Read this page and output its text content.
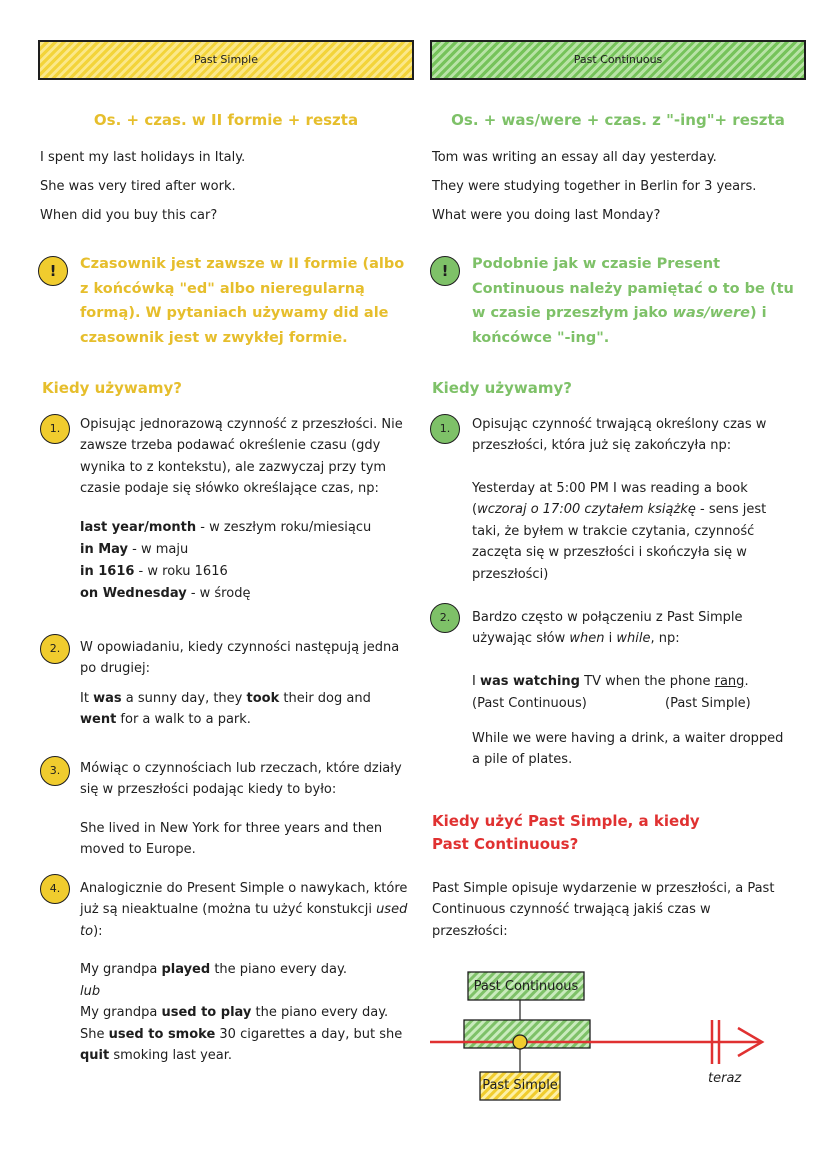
Past Simple
Os. + czas. w II formie + reszta
I spent my last holidays in Italy.
She was very tired after work.
When did you buy this car?
! Czasownik jest zawsze w II formie (albo z końcówką "ed" albo nieregularną formą). W pytaniach używamy did ale czasownik jest w zwykłej formie.
Kiedy używamy?
1. Opisując jednorazową czynność z przeszłości. Nie zawsze trzeba podawać określenie czasu (gdy wynika to z kontekstu), ale zazwyczaj przy tym czasie podaje się słówko określające czas, np:
last year/month - w zeszłym roku/miesiącu
in May - w maju
in 1616 - w roku 1616
on Wednesday - w środę
2. W opowiadaniu, kiedy czynności następują jedna po drugiej:
It was a sunny day, they took their dog and went for a walk to a park.
3. Mówiąc o czynnościach lub rzeczach, które działy się w przeszłości podając kiedy to było:
She lived in New York for three years and then moved to Europe.
4. Analogicznie do Present Simple o nawykach, które już są nieaktualne (można tu użyć konstukcji used to):
My grandpa played the piano every day.
lub
My grandpa used to play the piano every day.
She used to smoke 30 cigarettes a day, but she
quit smoking last year.
Past Continuous
Os. + was/were + czas. z "-ing"+ reszta
Tom was writing an essay all day yesterday.
They were studying together in Berlin for 3 years.
What were you doing last Monday?
! Podobnie jak w czasie Present Continuous należy pamiętać o to be (tu w czasie przeszłym jako was/were) i końcówce "-ing".
Kiedy używamy?
1. Opisując czynność trwającą określony czas w przeszłości, która już się zakończyła np:
Yesterday at 5:00 PM I was reading a book (wczoraj o 17:00 czytałem książkę - sens jest taki, że byłem w trakcie czytania, czynność zaczęta się w przeszłości i skończyła się w przeszłości)
2. Bardzo często w połączeniu z Past Simple używając słów when i while, np:
I was watching TV when the phone rang.
(Past Continuous)	(Past Simple)
While we were having a drink, a waiter dropped a pile of plates.
Kiedy użyć Past Simple, a kiedy
Past Continuous?
Past Simple opisuje wydarzenie w przeszłości, a Past Continuous czynność trwającą jakiś czas w przeszłości:
Past Continuous
Past Simple	teraz
